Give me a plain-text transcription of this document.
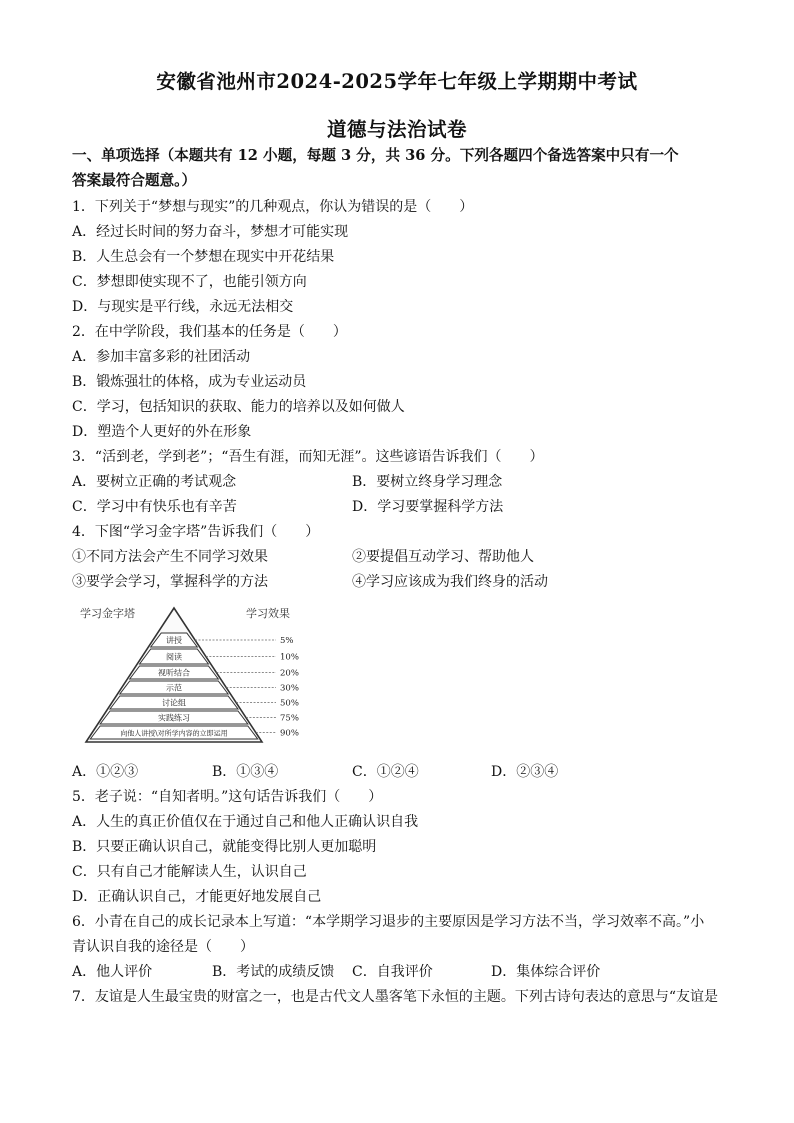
安徽省池州市2024-2025学年七年级上学期期中考试
道德与法治试卷
一、单项选择（本题共有 12 小题，每题 3 分，共 36 分。下列各题四个备选答案中只有一个
答案最符合题意。）
1．下列关于“梦想与现实”的几种观点，你认为错误的是（　　）
A．经过长时间的努力奋斗，梦想才可能实现
B．人生总会有一个梦想在现实中开花结果
C．梦想即使实现不了，也能引领方向
D．与现实是平行线，永远无法相交
2．在中学阶段，我们基本的任务是（　　）
A．参加丰富多彩的社团活动
B．锻炼强壮的体格，成为专业运动员
C．学习，包括知识的获取、能力的培养以及如何做人
D．塑造个人更好的外在形象
3．“活到老，学到老”；“吾生有涯，而知无涯”。这些谚语告诉我们（　　）
A．要树立正确的考试观念	B．要树立终身学习理念
C．学习中有快乐也有辛苦	D．学习要掌握科学方法
4．下图“学习金字塔”告诉我们（　　）
①不同方法会产生不同学习效果	②要提倡互动学习、帮助他人
③要学会学习，掌握科学的方法	④学习应该成为我们终身的活动
学习金字塔	学习效果
讲授	5%
阅读	10%
视听结合	20%
示范	30%
讨论组	50%
实践练习	75%
向他人讲授\对所学内容的立即运用	90%
A．①②③	B．①③④	C．①②④	D．②③④
5．老子说：“自知者明。”这句话告诉我们（　　）
A．人生的真正价值仅在于通过自己和他人正确认识自我
B．只要正确认识自己，就能变得比别人更加聪明
C．只有自己才能解读人生，认识自己
D．正确认识自己，才能更好地发展自己
6．小青在自己的成长记录本上写道：“本学期学习退步的主要原因是学习方法不当，学习效率不高。”小
青认识自我的途径是（　　）
A．他人评价	B．考试的成绩反馈 C．自我评价	D．集体综合评价
7．友谊是人生最宝贵的财富之一，也是古代文人墨客笔下永恒的主题。下列古诗句表达的意思与“友谊是
